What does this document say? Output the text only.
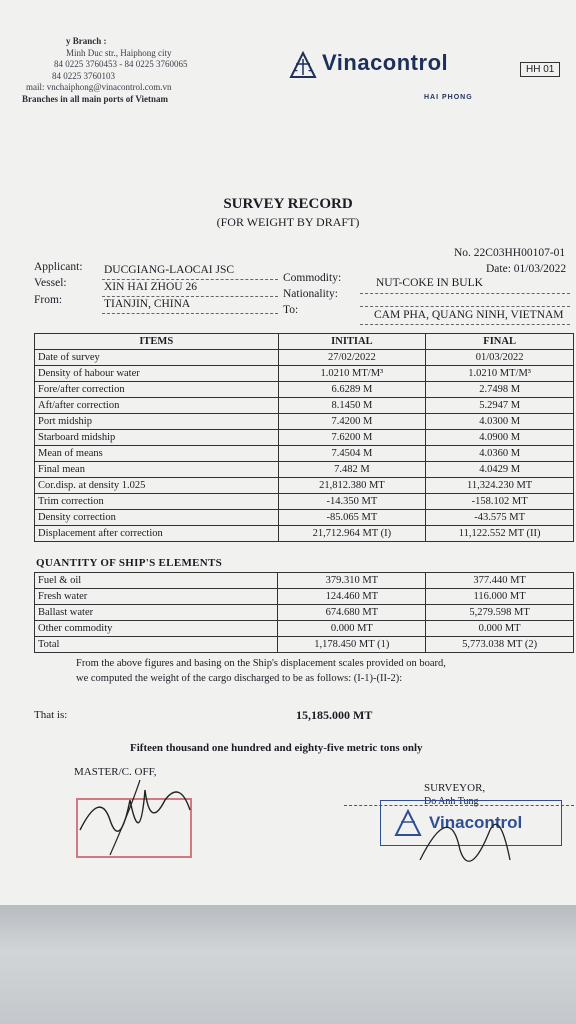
y Branch :
Minh Duc str., Haiphong city
84 0225 3760453 - 84 0225 3760065
84 0225 3760103
mail: vnchaiphong@vinacontrol.com.vn
Branches in all main ports of Vietnam
Vinacontrol
HAI PHONG
HH 01
SURVEY RECORD
(FOR WEIGHT BY DRAFT)
No. 22C03HH00107-01
Date: 01/03/2022
Applicant: DUCGIANG-LAOCAI JSC
Vessel:	XIN HAI ZHOU 26
From:	TIANJIN, CHINA
Commodity:	NUT-COKE IN BULK
Nationality:
To:	CAM PHA, QUANG NINH, VIETNAM
ITEMS	INITIAL	FINAL
Date of survey	27/02/2022	01/03/2022
Density of habour water	1.0210 MT/M³	1.0210 MT/M³
Fore/after correction	6.6289 M	2.7498 M
Aft/after correction	8.1450 M	5.2947 M
Port midship	7.4200 M	4.0300 M
Starboard midship	7.6200 M	4.0900 M
Mean of means	7.4504 M	4.0360 M
Final mean	7.482 M	4.0429 M
Cor.disp. at density 1.025	21,812.380 MT	11,324.230 MT
Trim correction	-14.350 MT	-158.102 MT
Density correction	-85.065 MT	-43.575 MT
Displacement after correction	21,712.964 MT (I)	11,122.552 MT (II)
QUANTITY OF SHIP'S ELEMENTS
Fuel & oil	379.310 MT	377.440 MT
Fresh water	124.460 MT	116.000 MT
Ballast water	674.680 MT	5,279.598 MT
Other commodity	0.000 MT	0.000 MT
Total	1,178.450 MT (1)	5,773.038 MT (2)
From the above figures and basing on the Ship's displacement scales provided on board,
we computed the weight of the cargo discharged to be as follows: (I-1)-(II-2):
That is:	15,185.000 MT
Fifteen thousand one hundred and eighty-five metric tons only
MASTER/C. OFF,
SURVEYOR,
Do Anh Tung
Vinacontrol
